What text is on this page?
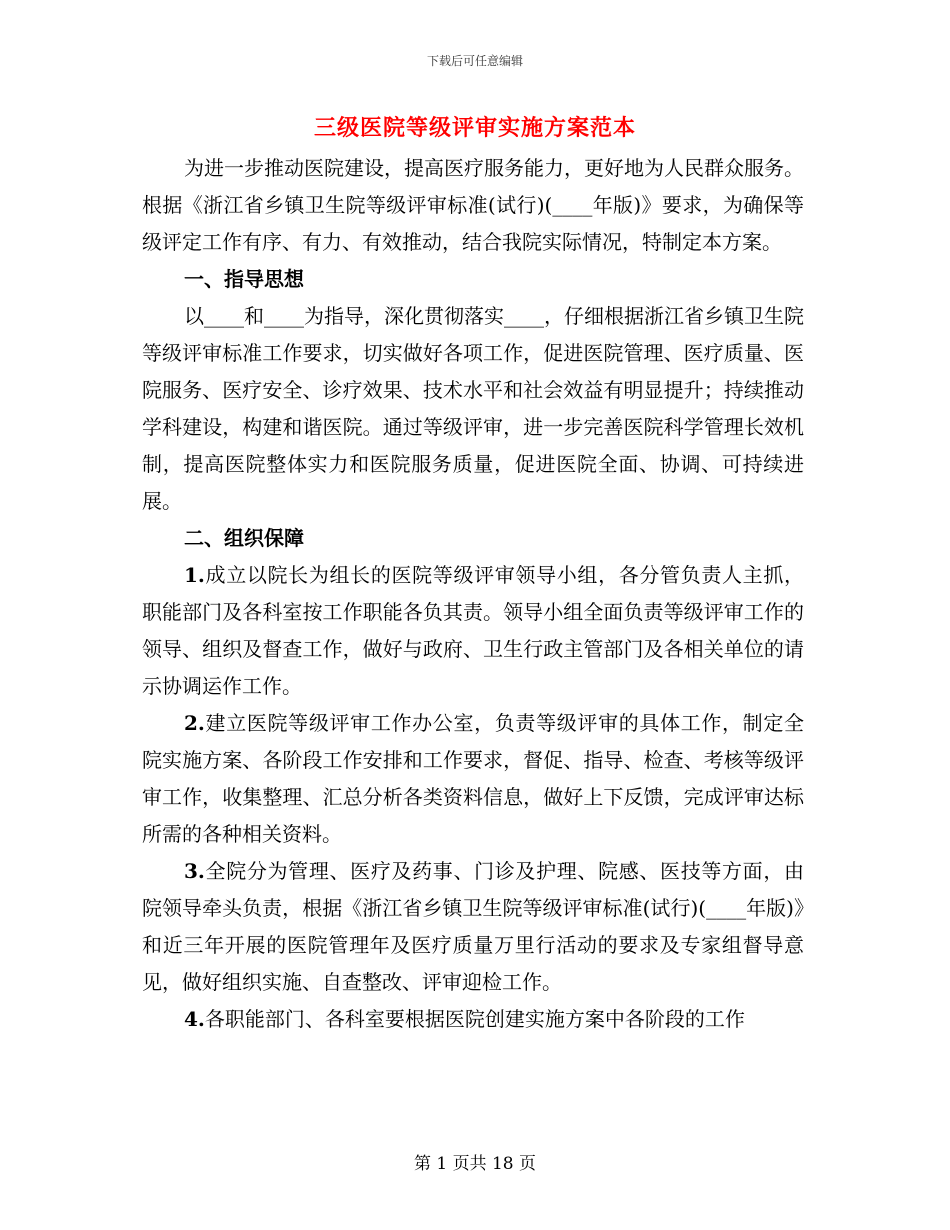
下载后可任意编辑
三级医院等级评审实施方案范本

为进一步推动医院建设，提高医疗服务能力，更好地为人民群众服务。根据《浙江省乡镇卫生院等级评审标准(试行)(____年版)》要求，为确保等级评定工作有序、有力、有效推动，结合我院实际情况，特制定本方案。

一、指导思想

以____和____为指导，深化贯彻落实____，仔细根据浙江省乡镇卫生院等级评审标准工作要求，切实做好各项工作，促进医院管理、医疗质量、医院服务、医疗安全、诊疗效果、技术水平和社会效益有明显提升；持续推动学科建设，构建和谐医院。通过等级评审，进一步完善医院科学管理长效机制，提高医院整体实力和医院服务质量，促进医院全面、协调、可持续进展。

二、组织保障

1.成立以院长为组长的医院等级评审领导小组，各分管负责人主抓，职能部门及各科室按工作职能各负其责。领导小组全面负责等级评审工作的领导、组织及督查工作，做好与政府、卫生行政主管部门及各相关单位的请示协调运作工作。

2.建立医院等级评审工作办公室，负责等级评审的具体工作，制定全院实施方案、各阶段工作安排和工作要求，督促、指导、检查、考核等级评审工作，收集整理、汇总分析各类资料信息，做好上下反馈，完成评审达标所需的各种相关资料。

3.全院分为管理、医疗及药事、门诊及护理、院感、医技等方面，由院领导牵头负责，根据《浙江省乡镇卫生院等级评审标准(试行)(____年版)》和近三年开展的医院管理年及医疗质量万里行活动的要求及专家组督导意见，做好组织实施、自查整改、评审迎检工作。

4.各职能部门、各科室要根据医院创建实施方案中各阶段的工作

第 1 页共 18 页
